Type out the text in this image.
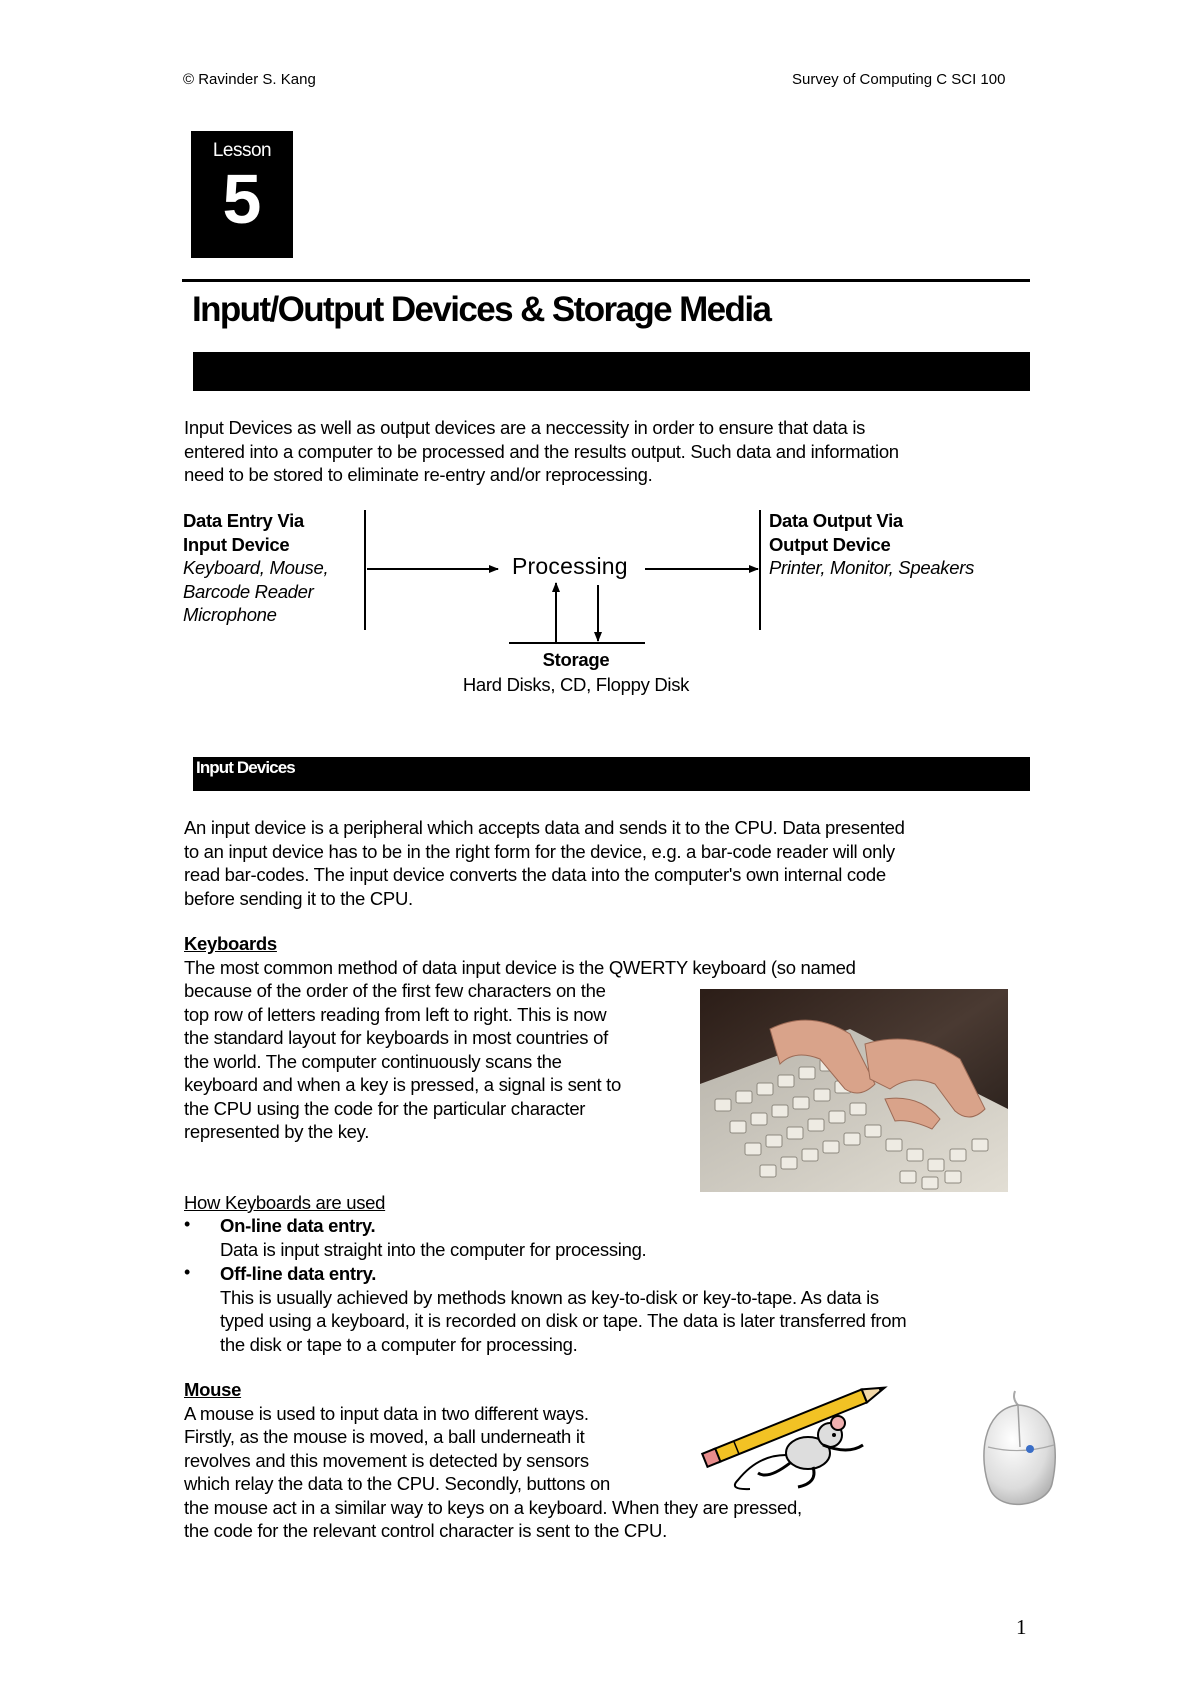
© Ravinder S. Kang	Survey of Computing C SCI 100
Lesson
5
Input/Output Devices & Storage Media

Input Devices as well as output devices are a neccessity in order to ensure that data is

entered into a computer to be processed and the results output. Such data and information

need to be stored to eliminate re-entry and/or reprocessing.

Data Entry Via
Input Device
Keyboard, Mouse,
Barcode Reader
Microphone
Data Output Via
Output Device
Printer, Monitor, Speakers
Processing
Storage
Hard Disks, CD, Floppy Disk
Input Devices

An input device is a peripheral which accepts data and sends it to the CPU. Data presented

to an input device has to be in the right form for the device, e.g. a bar-code reader will only

read bar-codes. The input device converts the data into the computer's own internal code

before sending it to the CPU.

Keyboards

The most common method of data input device is the QWERTY keyboard (so named

because of the order of the first few characters on the

top row of letters reading from left to right. This is now

the standard layout for keyboards in most countries of

the world. The computer continuously scans the

keyboard and when a key is pressed, a signal is sent to

the CPU using the code for the particular character

represented by the key.

How Keyboards are used

• On-line data entry.

Data is input straight into the computer for processing.

• Off-line data entry.

This is usually achieved by methods known as key-to-disk or key-to-tape. As data is

typed using a keyboard, it is recorded on disk or tape. The data is later transferred from

the disk or tape to a computer for processing.

Mouse

A mouse is used to input data in two different ways.

Firstly, as the mouse is moved, a ball underneath it

revolves and this movement is detected by sensors

which relay the data to the CPU. Secondly, buttons on

the mouse act in a similar way to keys on a keyboard. When they are pressed,

the code for the relevant control character is sent to the CPU.

1
